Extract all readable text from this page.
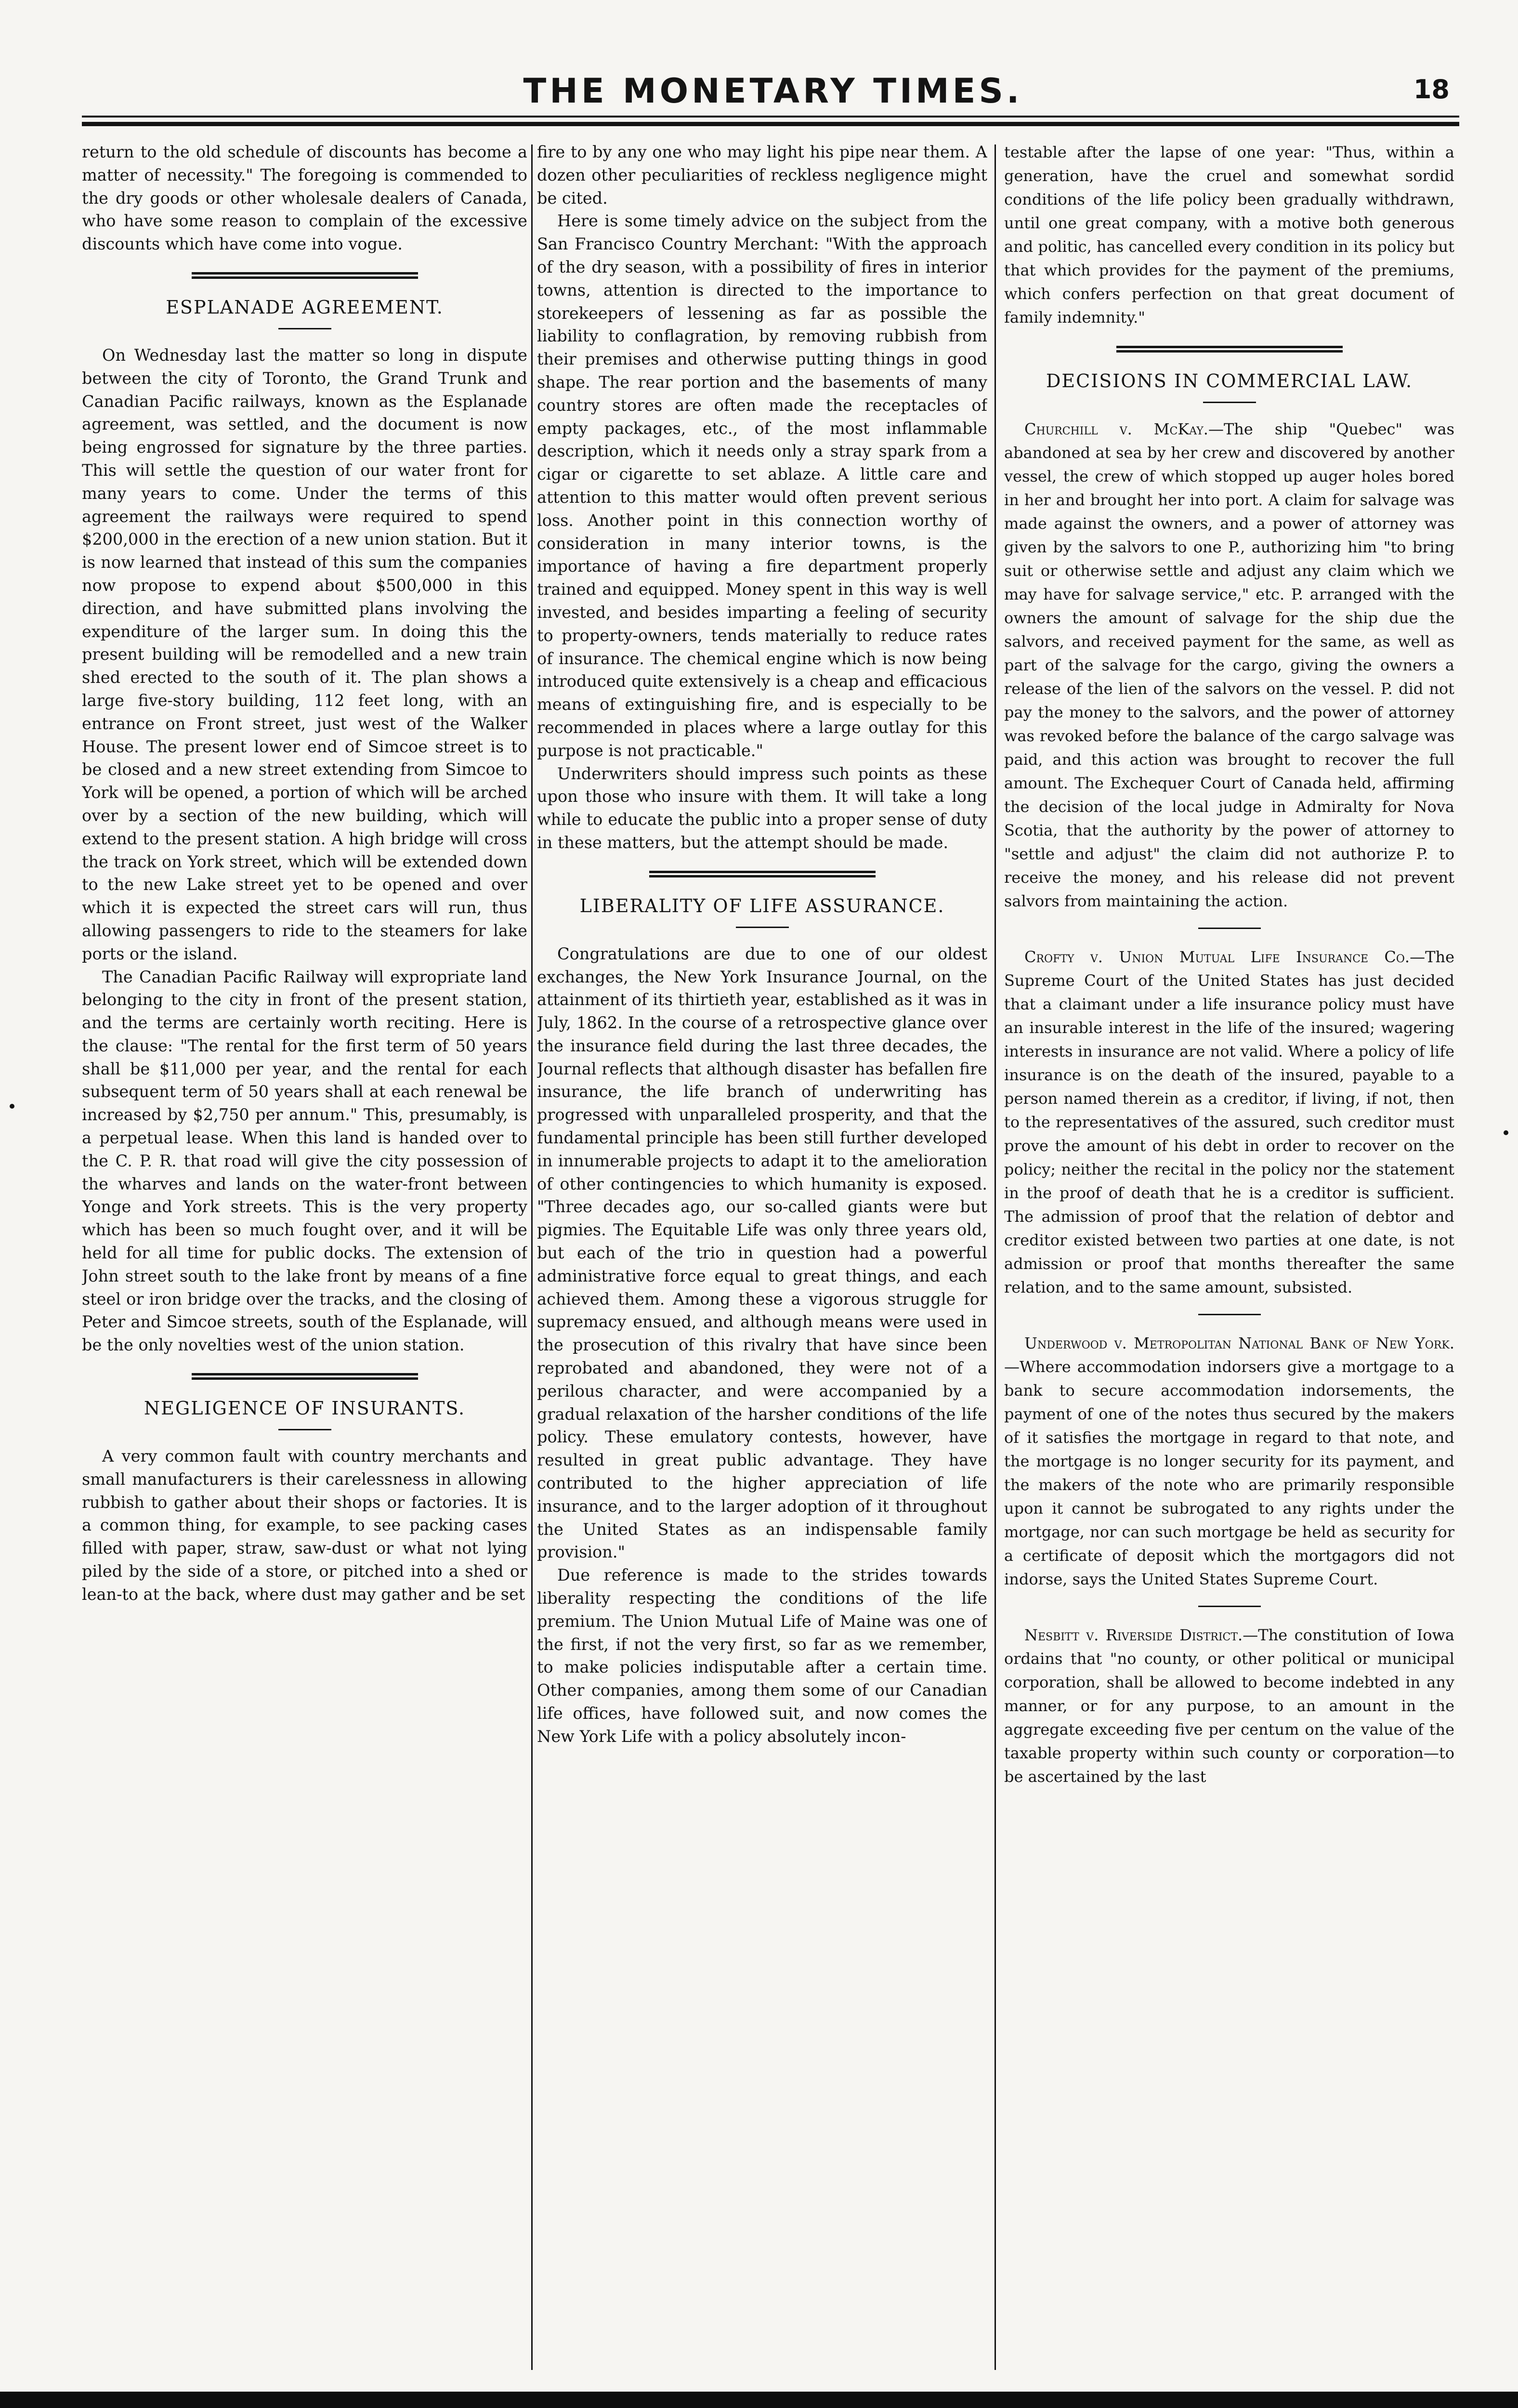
THE MONETARY TIMES.	18

return to the old schedule of discounts has become a matter of necessity." The foregoing is commended to the dry goods or other wholesale dealers of Canada, who have some reason to complain of the excessive discounts which have come into vogue.

ESPLANADE AGREEMENT.

On Wednesday last the matter so long in dispute between the city of Toronto, the Grand Trunk and Canadian Pacific railways, known as the Esplanade agreement, was settled, and the document is now being engrossed for signature by the three parties. This will settle the question of our water front for many years to come. Under the terms of this agreement the railways were required to spend $200,000 in the erection of a new union station. But it is now learned that instead of this sum the companies now propose to expend about $500,000 in this direction, and have submitted plans involving the expenditure of the larger sum. In doing this the present building will be remodelled and a new train shed erected to the south of it. The plan shows a large five-story building, 112 feet long, with an entrance on Front street, just west of the Walker House. The present lower end of Simcoe street is to be closed and a new street extending from Simcoe to York will be opened, a portion of which will be arched over by a section of the new building, which will extend to the present station. A high bridge will cross the track on York street, which will be extended down to the new Lake street yet to be opened and over which it is expected the street cars will run, thus allowing passengers to ride to the steamers for lake ports or the island.

The Canadian Pacific Railway will expropriate land belonging to the city in front of the present station, and the terms are certainly worth reciting. Here is the clause: "The rental for the first term of 50 years shall be $11,000 per year, and the rental for each subsequent term of 50 years shall at each renewal be increased by $2,750 per annum." This, presumably, is a perpetual lease. When this land is handed over to the C. P. R. that road will give the city possession of the wharves and lands on the water-front between Yonge and York streets. This is the very property which has been so much fought over, and it will be held for all time for public docks. The extension of John street south to the lake front by means of a fine steel or iron bridge over the tracks, and the closing of Peter and Simcoe streets, south of the Esplanade, will be the only novelties west of the union station.

NEGLIGENCE OF INSURANTS.

A very common fault with country merchants and small manufacturers is their carelessness in allowing rubbish to gather about their shops or factories. It is a common thing, for example, to see packing cases filled with paper, straw, saw-dust or what not lying piled by the side of a store, or pitched into a shed or lean-to at the back, where dust may gather and be set

fire to by any one who may light his pipe near them. A dozen other peculiarities of reckless negligence might be cited.

Here is some timely advice on the subject from the San Francisco Country Merchant: "With the approach of the dry season, with a possibility of fires in interior towns, attention is directed to the importance to storekeepers of lessening as far as possible the liability to conflagration, by removing rubbish from their premises and otherwise putting things in good shape. The rear portion and the basements of many country stores are often made the receptacles of empty packages, etc., of the most inflammable description, which it needs only a stray spark from a cigar or cigarette to set ablaze. A little care and attention to this matter would often prevent serious loss. Another point in this connection worthy of consideration in many interior towns, is the importance of having a fire department properly trained and equipped. Money spent in this way is well invested, and besides imparting a feeling of security to property-owners, tends materially to reduce rates of insurance. The chemical engine which is now being introduced quite extensively is a cheap and efficacious means of extinguishing fire, and is especially to be recommended in places where a large outlay for this purpose is not practicable."

Underwriters should impress such points as these upon those who insure with them. It will take a long while to educate the public into a proper sense of duty in these matters, but the attempt should be made.

LIBERALITY OF LIFE ASSURANCE.

Congratulations are due to one of our oldest exchanges, the New York Insurance Journal, on the attainment of its thirtieth year, established as it was in July, 1862. In the course of a retrospective glance over the insurance field during the last three decades, the Journal reflects that although disaster has befallen fire insurance, the life branch of underwriting has progressed with unparalleled prosperity, and that the fundamental principle has been still further developed in innumerable projects to adapt it to the amelioration of other contingencies to which humanity is exposed. "Three decades ago, our so-called giants were but pigmies. The Equitable Life was only three years old, but each of the trio in question had a powerful administrative force equal to great things, and each achieved them. Among these a vigorous struggle for supremacy ensued, and although means were used in the prosecution of this rivalry that have since been reprobated and abandoned, they were not of a perilous character, and were accompanied by a gradual relaxation of the harsher conditions of the life policy. These emulatory contests, however, have resulted in great public advantage. They have contributed to the higher appreciation of life insurance, and to the larger adoption of it throughout the United States as an indispensable family provision."

Due reference is made to the strides towards liberality respecting the conditions of the life premium. The Union Mutual Life of Maine was one of the first, if not the very first, so far as we remember, to make policies indisputable after a certain time. Other companies, among them some of our Canadian life offices, have followed suit, and now comes the New York Life with a policy absolutely incon-

testable after the lapse of one year: "Thus, within a generation, have the cruel and somewhat sordid conditions of the life policy been gradually withdrawn, until one great company, with a motive both generous and politic, has cancelled every condition in its policy but that which provides for the payment of the premiums, which confers perfection on that great document of family indemnity."

DECISIONS IN COMMERCIAL LAW.

Churchill v. McKay.—The ship "Quebec" was abandoned at sea by her crew and discovered by another vessel, the crew of which stopped up auger holes bored in her and brought her into port. A claim for salvage was made against the owners, and a power of attorney was given by the salvors to one P., authorizing him "to bring suit or otherwise settle and adjust any claim which we may have for salvage service," etc. P. arranged with the owners the amount of salvage for the ship due the salvors, and received payment for the same, as well as part of the salvage for the cargo, giving the owners a release of the lien of the salvors on the vessel. P. did not pay the money to the salvors, and the power of attorney was revoked before the balance of the cargo salvage was paid, and this action was brought to recover the full amount. The Exchequer Court of Canada held, affirming the decision of the local judge in Admiralty for Nova Scotia, that the authority by the power of attorney to "settle and adjust" the claim did not authorize P. to receive the money, and his release did not prevent salvors from maintaining the action.

Crofty v. Union Mutual Life Insurance Co.—The Supreme Court of the United States has just decided that a claimant under a life insurance policy must have an insurable interest in the life of the insured; wagering interests in insurance are not valid. Where a policy of life insurance is on the death of the insured, payable to a person named therein as a creditor, if living, if not, then to the representatives of the assured, such creditor must prove the amount of his debt in order to recover on the policy; neither the recital in the policy nor the statement in the proof of death that he is a creditor is sufficient. The admission of proof that the relation of debtor and creditor existed between two parties at one date, is not admission or proof that months thereafter the same relation, and to the same amount, subsisted.

Underwood v. Metropolitan National Bank of New York.—Where accommodation indorsers give a mortgage to a bank to secure accommodation indorsements, the payment of one of the notes thus secured by the makers of it satisfies the mortgage in regard to that note, and the mortgage is no longer security for its payment, and the makers of the note who are primarily responsible upon it cannot be subrogated to any rights under the mortgage, nor can such mortgage be held as security for a certificate of deposit which the mortgagors did not indorse, says the United States Supreme Court.

Nesbitt v. Riverside District.—The constitution of Iowa ordains that "no county, or other political or municipal corporation, shall be allowed to become indebted in any manner, or for any purpose, to an amount in the aggregate exceeding five per centum on the value of the taxable property within such county or corporation—to be ascertained by the last
